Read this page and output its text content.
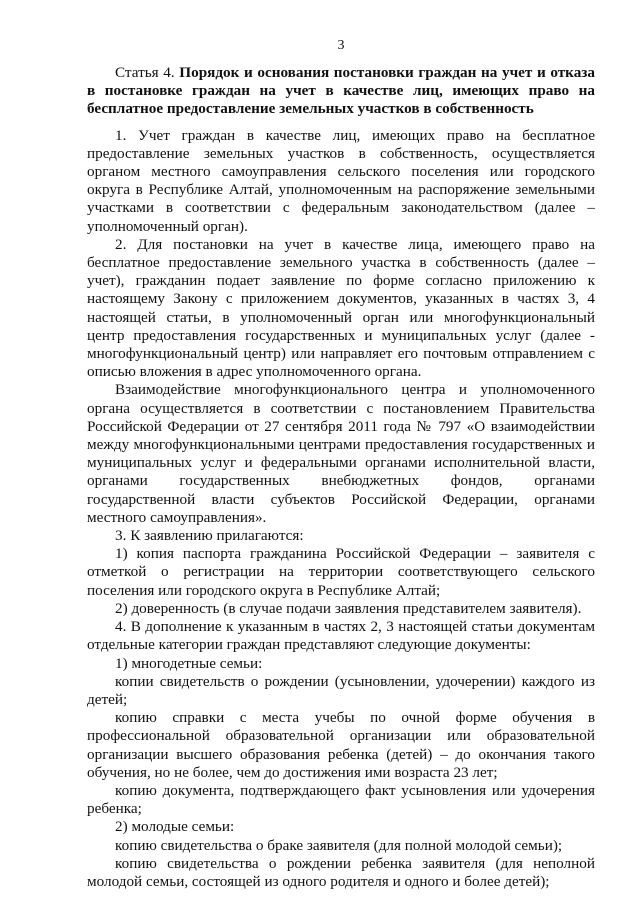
3

Статья 4. Порядок и основания постановки граждан на учет и отказа в постановке граждан на учет в качестве лиц, имеющих право на бесплатное предоставление земельных участков в собственность

1. Учет граждан в качестве лиц, имеющих право на бесплатное предоставление земельных участков в собственность, осуществляется органом местного самоуправления сельского поселения или городского округа в Республике Алтай, уполномоченным на распоряжение земельными участками в соответствии с федеральным законодательством (далее – уполномоченный орган).

2. Для постановки на учет в качестве лица, имеющего право на бесплатное предоставление земельного участка в собственность (далее – учет), гражданин подает заявление по форме согласно приложению к настоящему Закону с приложением документов, указанных в частях 3, 4 настоящей статьи, в уполномоченный орган или многофункциональный центр предоставления государственных и муниципальных услуг (далее - многофункциональный центр) или направляет его почтовым отправлением с описью вложения в адрес уполномоченного органа.

Взаимодействие многофункционального центра и уполномоченного органа осуществляется в соответствии с постановлением Правительства Российской Федерации от 27 сентября 2011 года № 797 «О взаимодействии между многофункциональными центрами предоставления государственных и муниципальных услуг и федеральными органами исполнительной власти, органами государственных внебюджетных фондов, органами государственной власти субъектов Российской Федерации, органами местного самоуправления».

3. К заявлению прилагаются:

1) копия паспорта гражданина Российской Федерации – заявителя с отметкой о регистрации на территории соответствующего сельского поселения или городского округа в Республике Алтай;

2) доверенность (в случае подачи заявления представителем заявителя).

4. В дополнение к указанным в частях 2, 3 настоящей статьи документам отдельные категории граждан представляют следующие документы:

1) многодетные семьи:

копии свидетельств о рождении (усыновлении, удочерении) каждого из детей;

копию справки с места учебы по очной форме обучения в профессиональной образовательной организации или образовательной организации высшего образования ребенка (детей) – до окончания такого обучения, но не более, чем до достижения ими возраста 23 лет;

копию документа, подтверждающего факт усыновления или удочерения ребенка;

2) молодые семьи:

копию свидетельства о браке заявителя (для полной молодой семьи);

копию свидетельства о рождении ребенка заявителя (для неполной молодой семьи, состоящей из одного родителя и одного и более детей);
